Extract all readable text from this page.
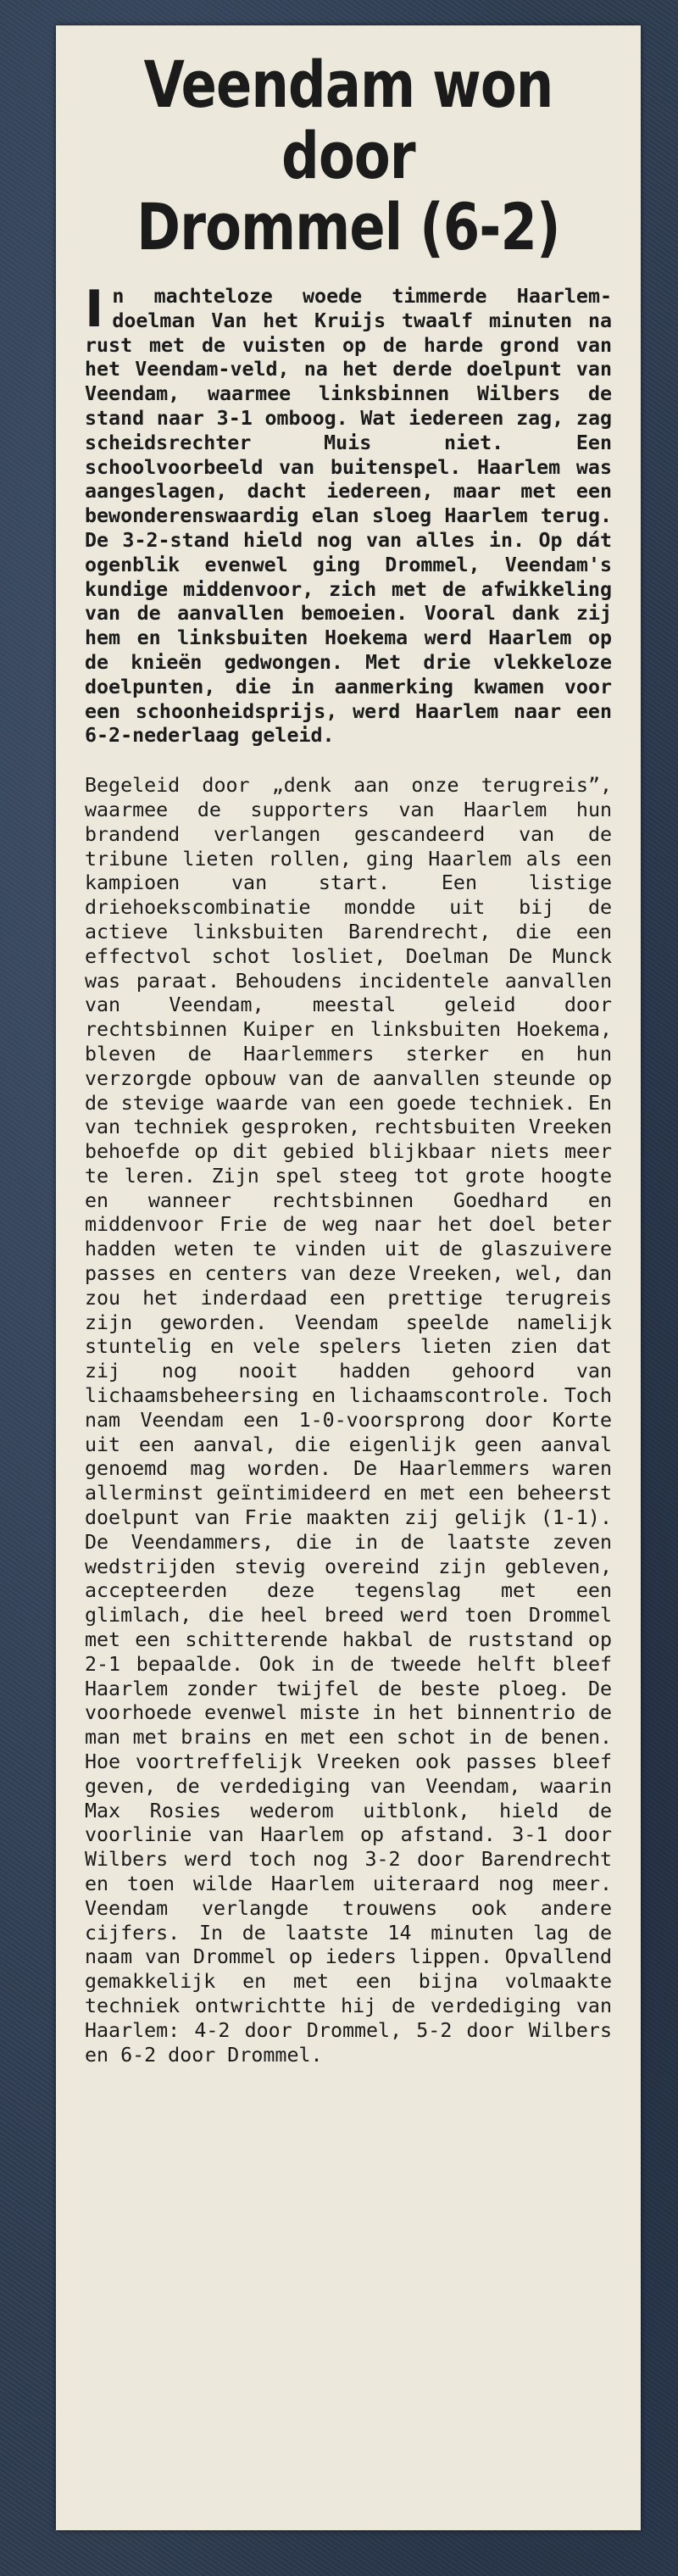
Veendam won door
Drommel (6-2)

In machteloze woede timmerde Haarlem-doelman Van het Kruijs twaalf minuten na rust met de vuisten op de harde grond van het Veendam-veld, na het derde doelpunt van Veendam, waarmee linksbinnen Wilbers de stand naar 3-1 omboog. Wat iedereen zag, zag scheidsrechter Muis niet. Een schoolvoorbeeld van buitenspel. Haarlem was aangeslagen, dacht iedereen, maar met een bewonderenswaardig elan sloeg Haarlem terug. De 3-2-stand hield nog van alles in. Op dát ogenblik evenwel ging Drommel, Veendam's kundige middenvoor, zich met de afwikkeling van de aanvallen bemoeien. Vooral dank zij hem en linksbuiten Hoekema werd Haarlem op de knieën gedwongen. Met drie vlekkeloze doelpunten, die in aanmerking kwamen voor een schoonheidsprijs, werd Haarlem naar een 6-2-nederlaag geleid.

Begeleid door „denk aan onze terugreis”, waarmee de supporters van Haarlem hun brandend verlangen gescandeerd van de tribune lieten rollen, ging Haarlem als een kampioen van start. Een listige driehoekscombinatie mondde uit bij de actieve linksbuiten Barendrecht, die een effectvol schot losliet, Doelman De Munck was paraat. Behoudens incidentele aanvallen van Veendam, meestal geleid door rechtsbinnen Kuiper en linksbuiten Hoekema, bleven de Haarlemmers sterker en hun verzorgde opbouw van de aanvallen steunde op de stevige waarde van een goede techniek. En van techniek gesproken, rechtsbuiten Vreeken behoefde op dit gebied blijkbaar niets meer te leren. Zijn spel steeg tot grote hoogte en wanneer rechtsbinnen Goedhard en middenvoor Frie de weg naar het doel beter hadden weten te vinden uit de glaszuivere passes en centers van deze Vreeken, wel, dan zou het inderdaad een prettige terugreis zijn geworden. Veendam speelde namelijk stuntelig en vele spelers lieten zien dat zij nog nooit hadden gehoord van lichaamsbeheersing en lichaamscontrole. Toch nam Veendam een 1-0-voorsprong door Korte uit een aanval, die eigenlijk geen aanval genoemd mag worden. De Haarlemmers waren allerminst geïntimideerd en met een beheerst doelpunt van Frie maakten zij gelijk (1-1). De Veendammers, die in de laatste zeven wedstrijden stevig overeind zijn gebleven, accepteerden deze tegenslag met een glimlach, die heel breed werd toen Drommel met een schitterende hakbal de ruststand op 2-1 bepaalde. Ook in de tweede helft bleef Haarlem zonder twijfel de beste ploeg. De voorhoede evenwel miste in het binnentrio de man met brains en met een schot in de benen. Hoe voortreffelijk Vreeken ook passes bleef geven, de verdediging van Veendam, waarin Max Rosies wederom uitblonk, hield de voorlinie van Haarlem op afstand. 3-1 door Wilbers werd toch nog 3-2 door Barendrecht en toen wilde Haarlem uiteraard nog meer. Veendam verlangde trouwens ook andere cijfers. In de laatste 14 minuten lag de naam van Drommel op ieders lippen. Opvallend gemakkelijk en met een bijna volmaakte techniek ontwrichtte hij de verdediging van Haarlem: 4-2 door Drommel, 5-2 door Wilbers en 6-2 door Drommel.
